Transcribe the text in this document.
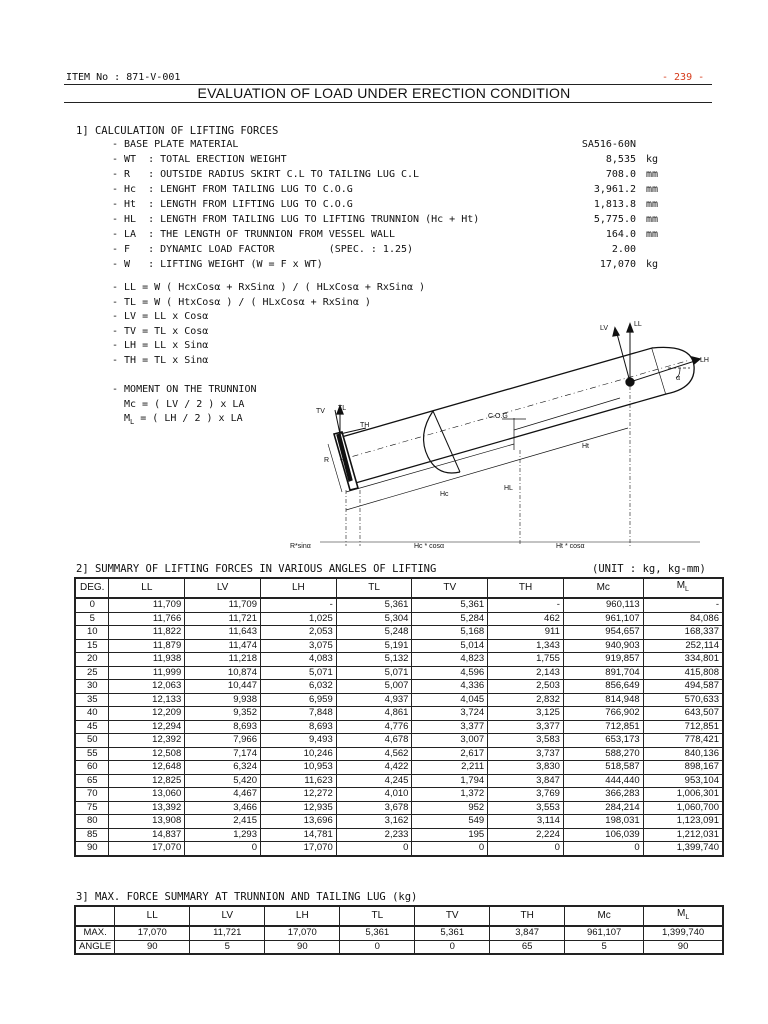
ITEM No : 871-V-001	- 239 -
EVALUATION OF LOAD UNDER ERECTION CONDITION
1] CALCULATION OF LIFTING FORCES
- BASE PLATE MATERIAL	SA516-60N
- WT  : TOTAL ERECTION WEIGHT	8,535 kg
- R   : OUTSIDE RADIUS SKIRT C.L TO TAILING LUG C.L	708.0 mm
- Hc  : LENGHT FROM TAILING LUG TO C.O.G	3,961.2 mm
- Ht  : LENGTH FROM LIFTING LUG TO C.O.G	1,813.8 mm
- HL  : LENGTH FROM TAILING LUG TO LIFTING TRUNNION (Hc + Ht)	5,775.0 mm
- LA  : THE LENGTH OF TRUNNION FROM VESSEL WALL	164.0 mm
- F   : DYNAMIC LOAD FACTOR         (SPEC. : 1.25)	2.00
- W   : LIFTING WEIGHT (W = F x WT)	17,070 kg
- LL = W ( HcxCosα + RxSinα ) / ( HLxCosα + RxSinα )
- TL = W ( HtxCosα ) / ( HLxCosα + RxSinα )
- LV = LL x Cosα
- TV = TL x Cosα
- LH = LL x Sinα
- TH = TL x Sinα
- MOMENT ON THE TRUNNION
Mc = ( LV / 2 ) x LA
$M_L$ = ( LH / 2 ) x LA
LV
LL
LH
α
TV TL
TH
C.O.G
R
Hc
HL
Ht
R*sinα	Hc * cosα	Ht * cosα
2] SUMMARY OF LIFTING FORCES IN VARIOUS ANGLES OF LIFTING	(UNIT : kg, kg-mm)
DEG.	LL	LV	LH	TL	TV	TH	Mc	$M_L$
0	11,709	11,709	-	5,361	5,361	-	960,113	-
5	11,766	11,721	1,025	5,304	5,284	462	961,107	84,086
10	11,822	11,643	2,053	5,248	5,168	911	954,657	168,337
15	11,879	11,474	3,075	5,191	5,014	1,343	940,903	252,114
20	11,938	11,218	4,083	5,132	4,823	1,755	919,857	334,801
25	11,999	10,874	5,071	5,071	4,596	2,143	891,704	415,808
30	12,063	10,447	6,032	5,007	4,336	2,503	856,649	494,587
35	12,133	9,938	6,959	4,937	4,045	2,832	814,948	570,633
40	12,209	9,352	7,848	4,861	3,724	3,125	766,902	643,507
45	12,294	8,693	8,693	4,776	3,377	3,377	712,851	712,851
50	12,392	7,966	9,493	4,678	3,007	3,583	653,173	778,421
55	12,508	7,174	10,246	4,562	2,617	3,737	588,270	840,136
60	12,648	6,324	10,953	4,422	2,211	3,830	518,587	898,167
65	12,825	5,420	11,623	4,245	1,794	3,847	444,440	953,104
70	13,060	4,467	12,272	4,010	1,372	3,769	366,283	1,006,301
75	13,392	3,466	12,935	3,678	952	3,553	284,214	1,060,700
80	13,908	2,415	13,696	3,162	549	3,114	198,031	1,123,091
85	14,837	1,293	14,781	2,233	195	2,224	106,039	1,212,031
90	17,070	0	17,070	0	0	0	0	1,399,740
3] MAX. FORCE SUMMARY AT TRUNNION AND TAILING LUG (kg)
	LL	LV	LH	TL	TV	TH	Mc	$M_L$
MAX.	17,070	11,721	17,070	5,361	5,361	3,847	961,107	1,399,740
ANGLE	90	5	90	0	0	65	5	90
